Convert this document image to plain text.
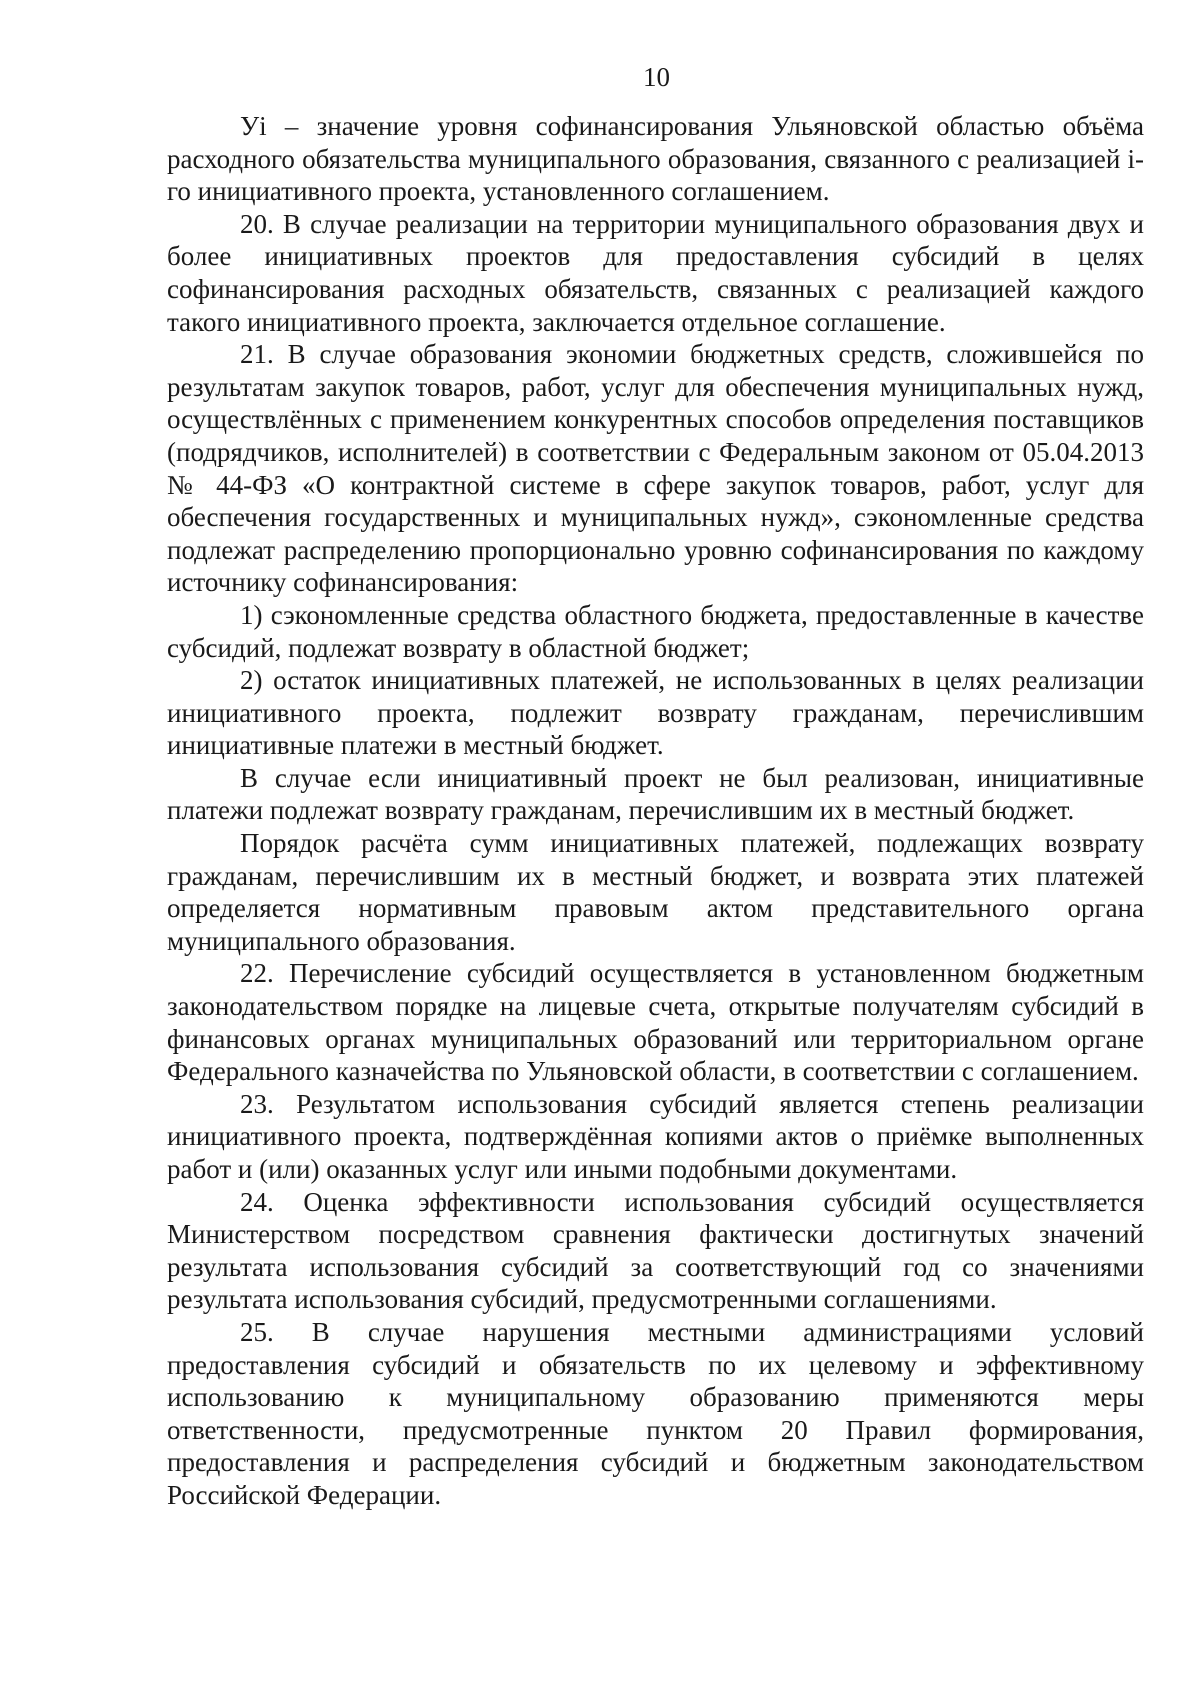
10

Уi – значение уровня софинансирования Ульяновской областью объёма расходного обязательства муниципального образования, связанного с реализацией i-го инициативного проекта, установленного соглашением.

20. В случае реализации на территории муниципального образования двух и более инициативных проектов для предоставления субсидий в целях софинансирования расходных обязательств, связанных с реализацией каждого такого инициативного проекта, заключается отдельное соглашение.

21. В случае образования экономии бюджетных средств, сложившейся по результатам закупок товаров, работ, услуг для обеспечения муниципальных нужд, осуществлённых с применением конкурентных способов определения поставщиков (подрядчиков, исполнителей) в соответствии с Федеральным законом от 05.04.2013 № 44-ФЗ «О контрактной системе в сфере закупок товаров, работ, услуг для обеспечения государственных и муниципальных нужд», сэкономленные средства подлежат распределению пропорционально уровню софинансирования по каждому источнику софинансирования:

1) сэкономленные средства областного бюджета, предоставленные в качестве субсидий, подлежат возврату в областной бюджет;

2) остаток инициативных платежей, не использованных в целях реализации инициативного проекта, подлежит возврату гражданам, перечислившим инициативные платежи в местный бюджет.

В случае если инициативный проект не был реализован, инициативные платежи подлежат возврату гражданам, перечислившим их в местный бюджет.

Порядок расчёта сумм инициативных платежей, подлежащих возврату гражданам, перечислившим их в местный бюджет, и возврата этих платежей определяется нормативным правовым актом представительного органа муниципального образования.

22. Перечисление субсидий осуществляется в установленном бюджетным законодательством порядке на лицевые счета, открытые получателям субсидий в финансовых органах муниципальных образований или территориальном органе Федерального казначейства по Ульяновской области, в соответствии с соглашением.

23. Результатом использования субсидий является степень реализации инициативного проекта, подтверждённая копиями актов о приёмке выполненных работ и (или) оказанных услуг или иными подобными документами.

24. Оценка эффективности использования субсидий осуществляется Министерством посредством сравнения фактически достигнутых значений результата использования субсидий за соответствующий год со значениями результата использования субсидий, предусмотренными соглашениями.

25. В случае нарушения местными администрациями условий предоставления субсидий и обязательств по их целевому и эффективному использованию к муниципальному образованию применяются меры ответственности, предусмотренные пунктом 20 Правил формирования, предоставления и распределения субсидий и бюджетным законодательством Российской Федерации.
